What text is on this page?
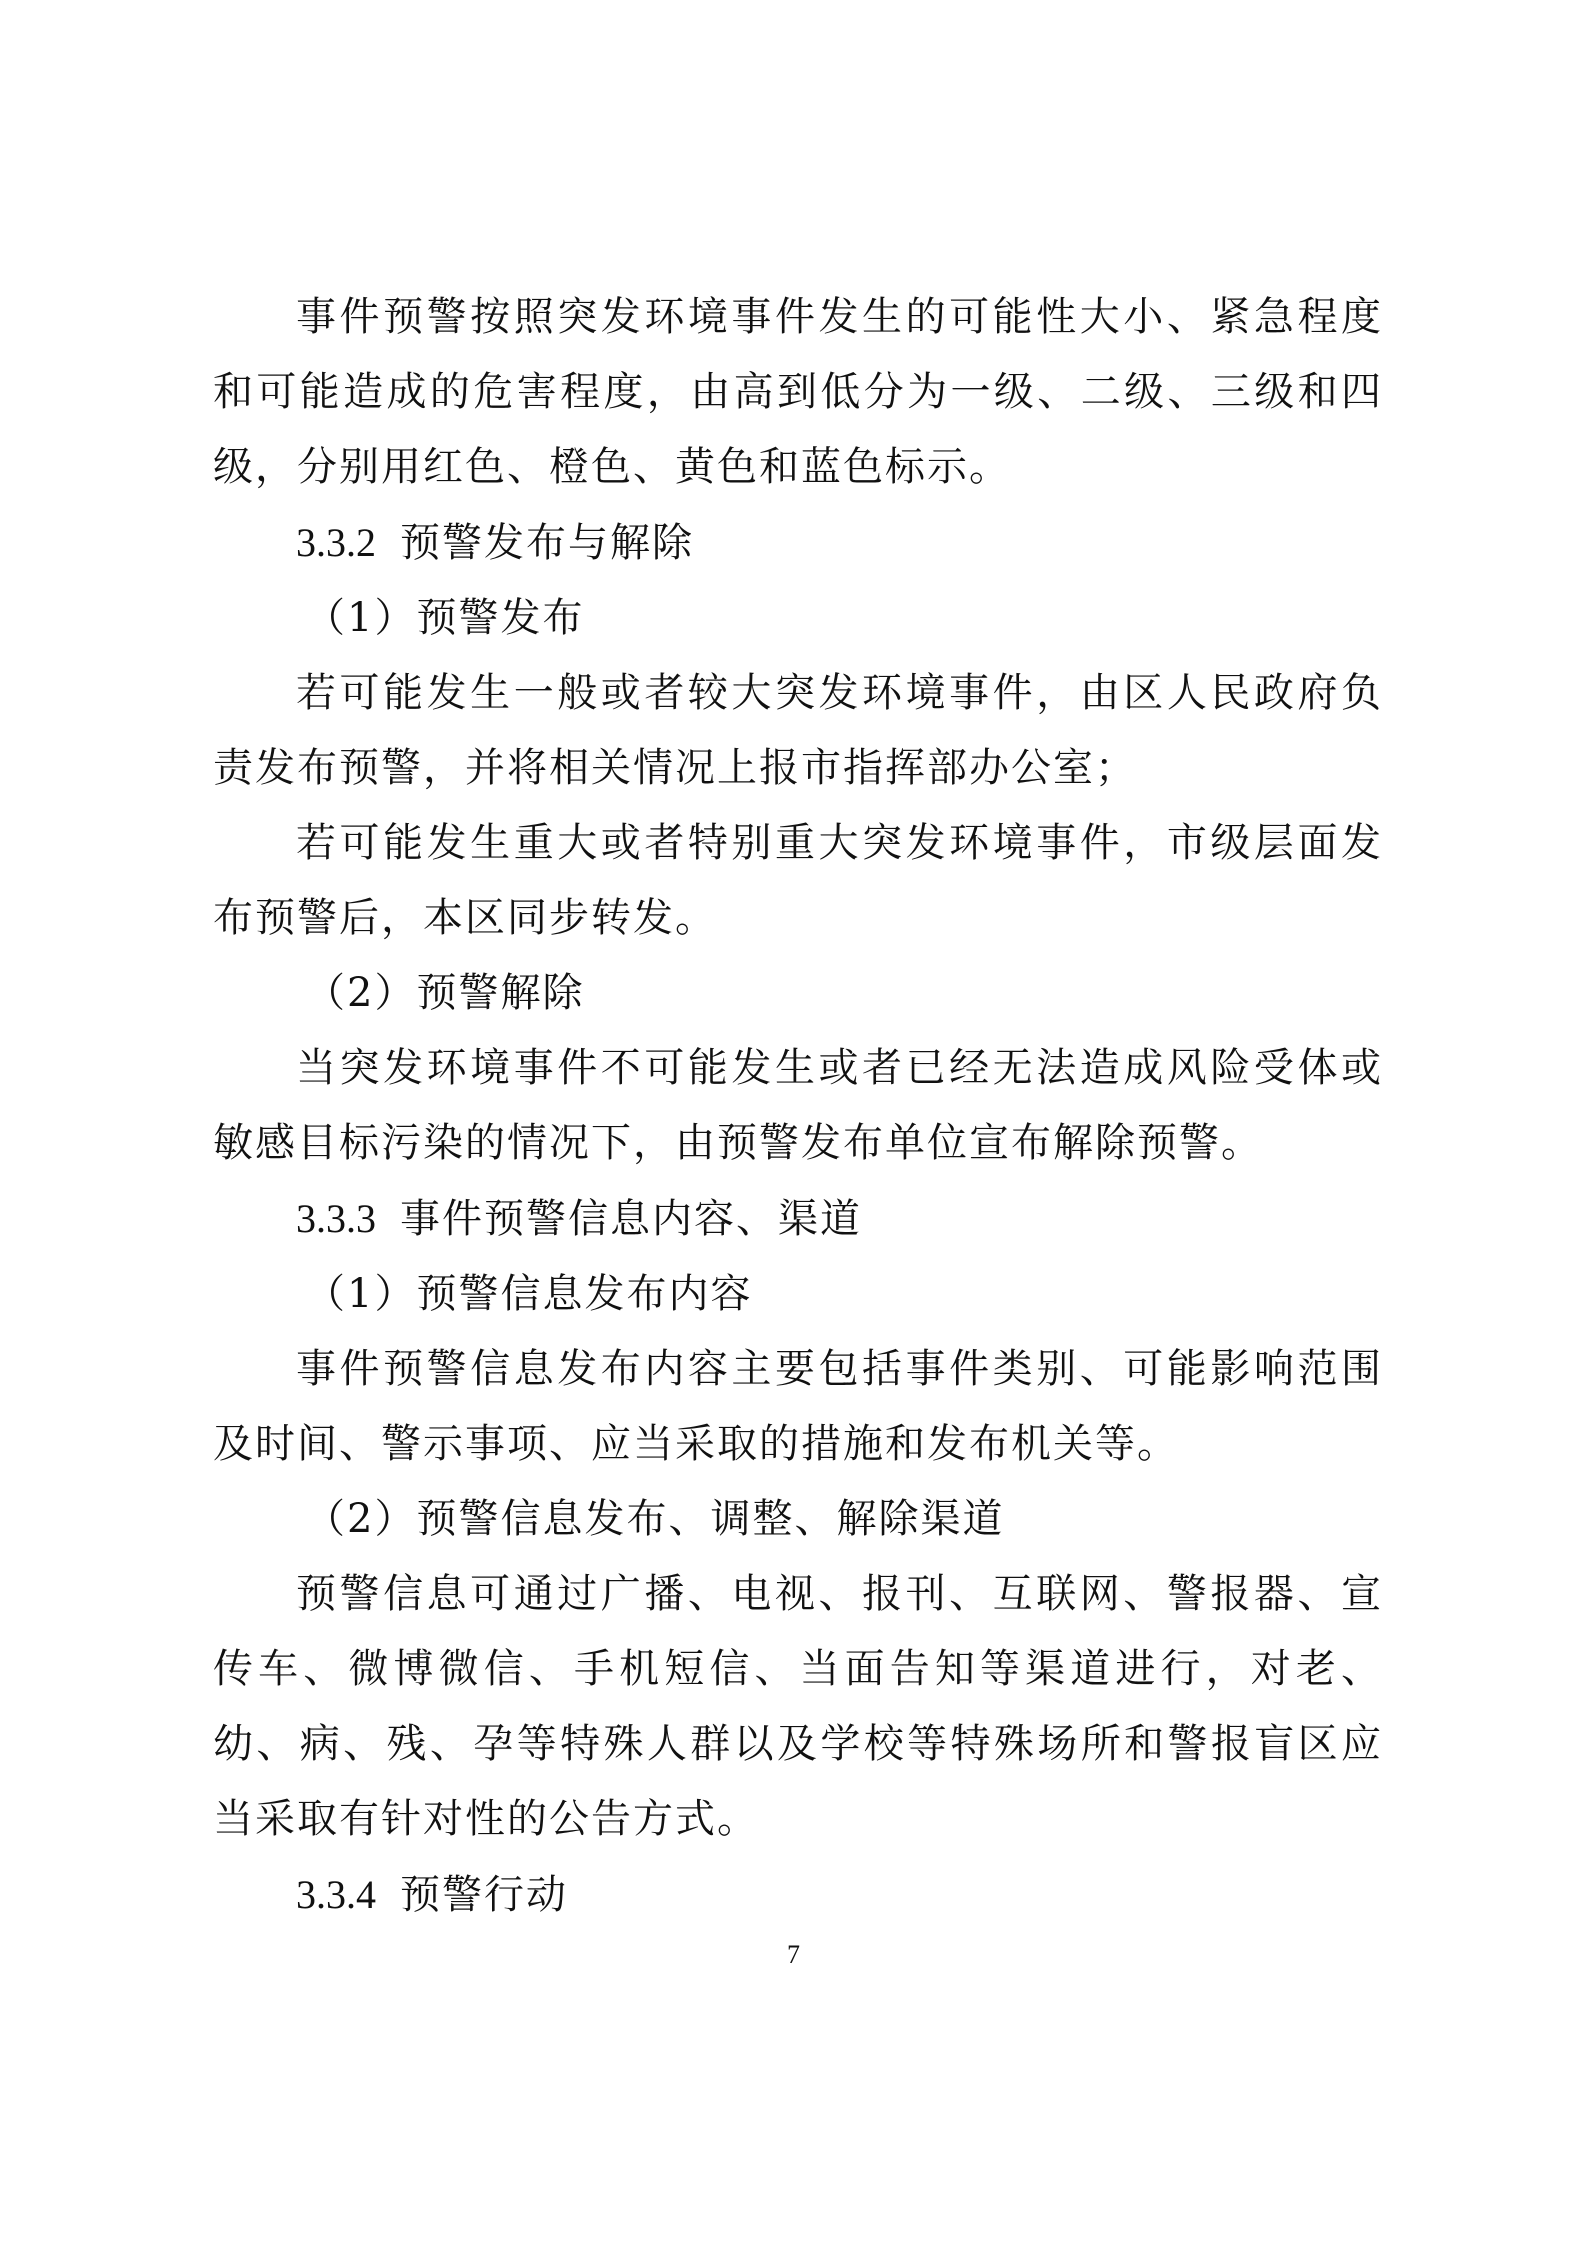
事件预警按照突发环境事件发生的可能性大小、紧急程度和可能造成的危害程度，由高到低分为一级、二级、三级和四级，分别用红色、橙色、黄色和蓝色标示。

3.3.2 预警发布与解除

（1）预警发布

若可能发生一般或者较大突发环境事件，由区人民政府负责发布预警，并将相关情况上报市指挥部办公室；

若可能发生重大或者特别重大突发环境事件，市级层面发布预警后，本区同步转发。

（2）预警解除

当突发环境事件不可能发生或者已经无法造成风险受体或敏感目标污染的情况下，由预警发布单位宣布解除预警。

3.3.3 事件预警信息内容、渠道

（1）预警信息发布内容

事件预警信息发布内容主要包括事件类别、可能影响范围及时间、警示事项、应当采取的措施和发布机关等。

（2）预警信息发布、调整、解除渠道

预警信息可通过广播、电视、报刊、互联网、警报器、宣传车、微博微信、手机短信、当面告知等渠道进行，对老、幼、病、残、孕等特殊人群以及学校等特殊场所和警报盲区应当采取有针对性的公告方式。

3.3.4 预警行动

7
